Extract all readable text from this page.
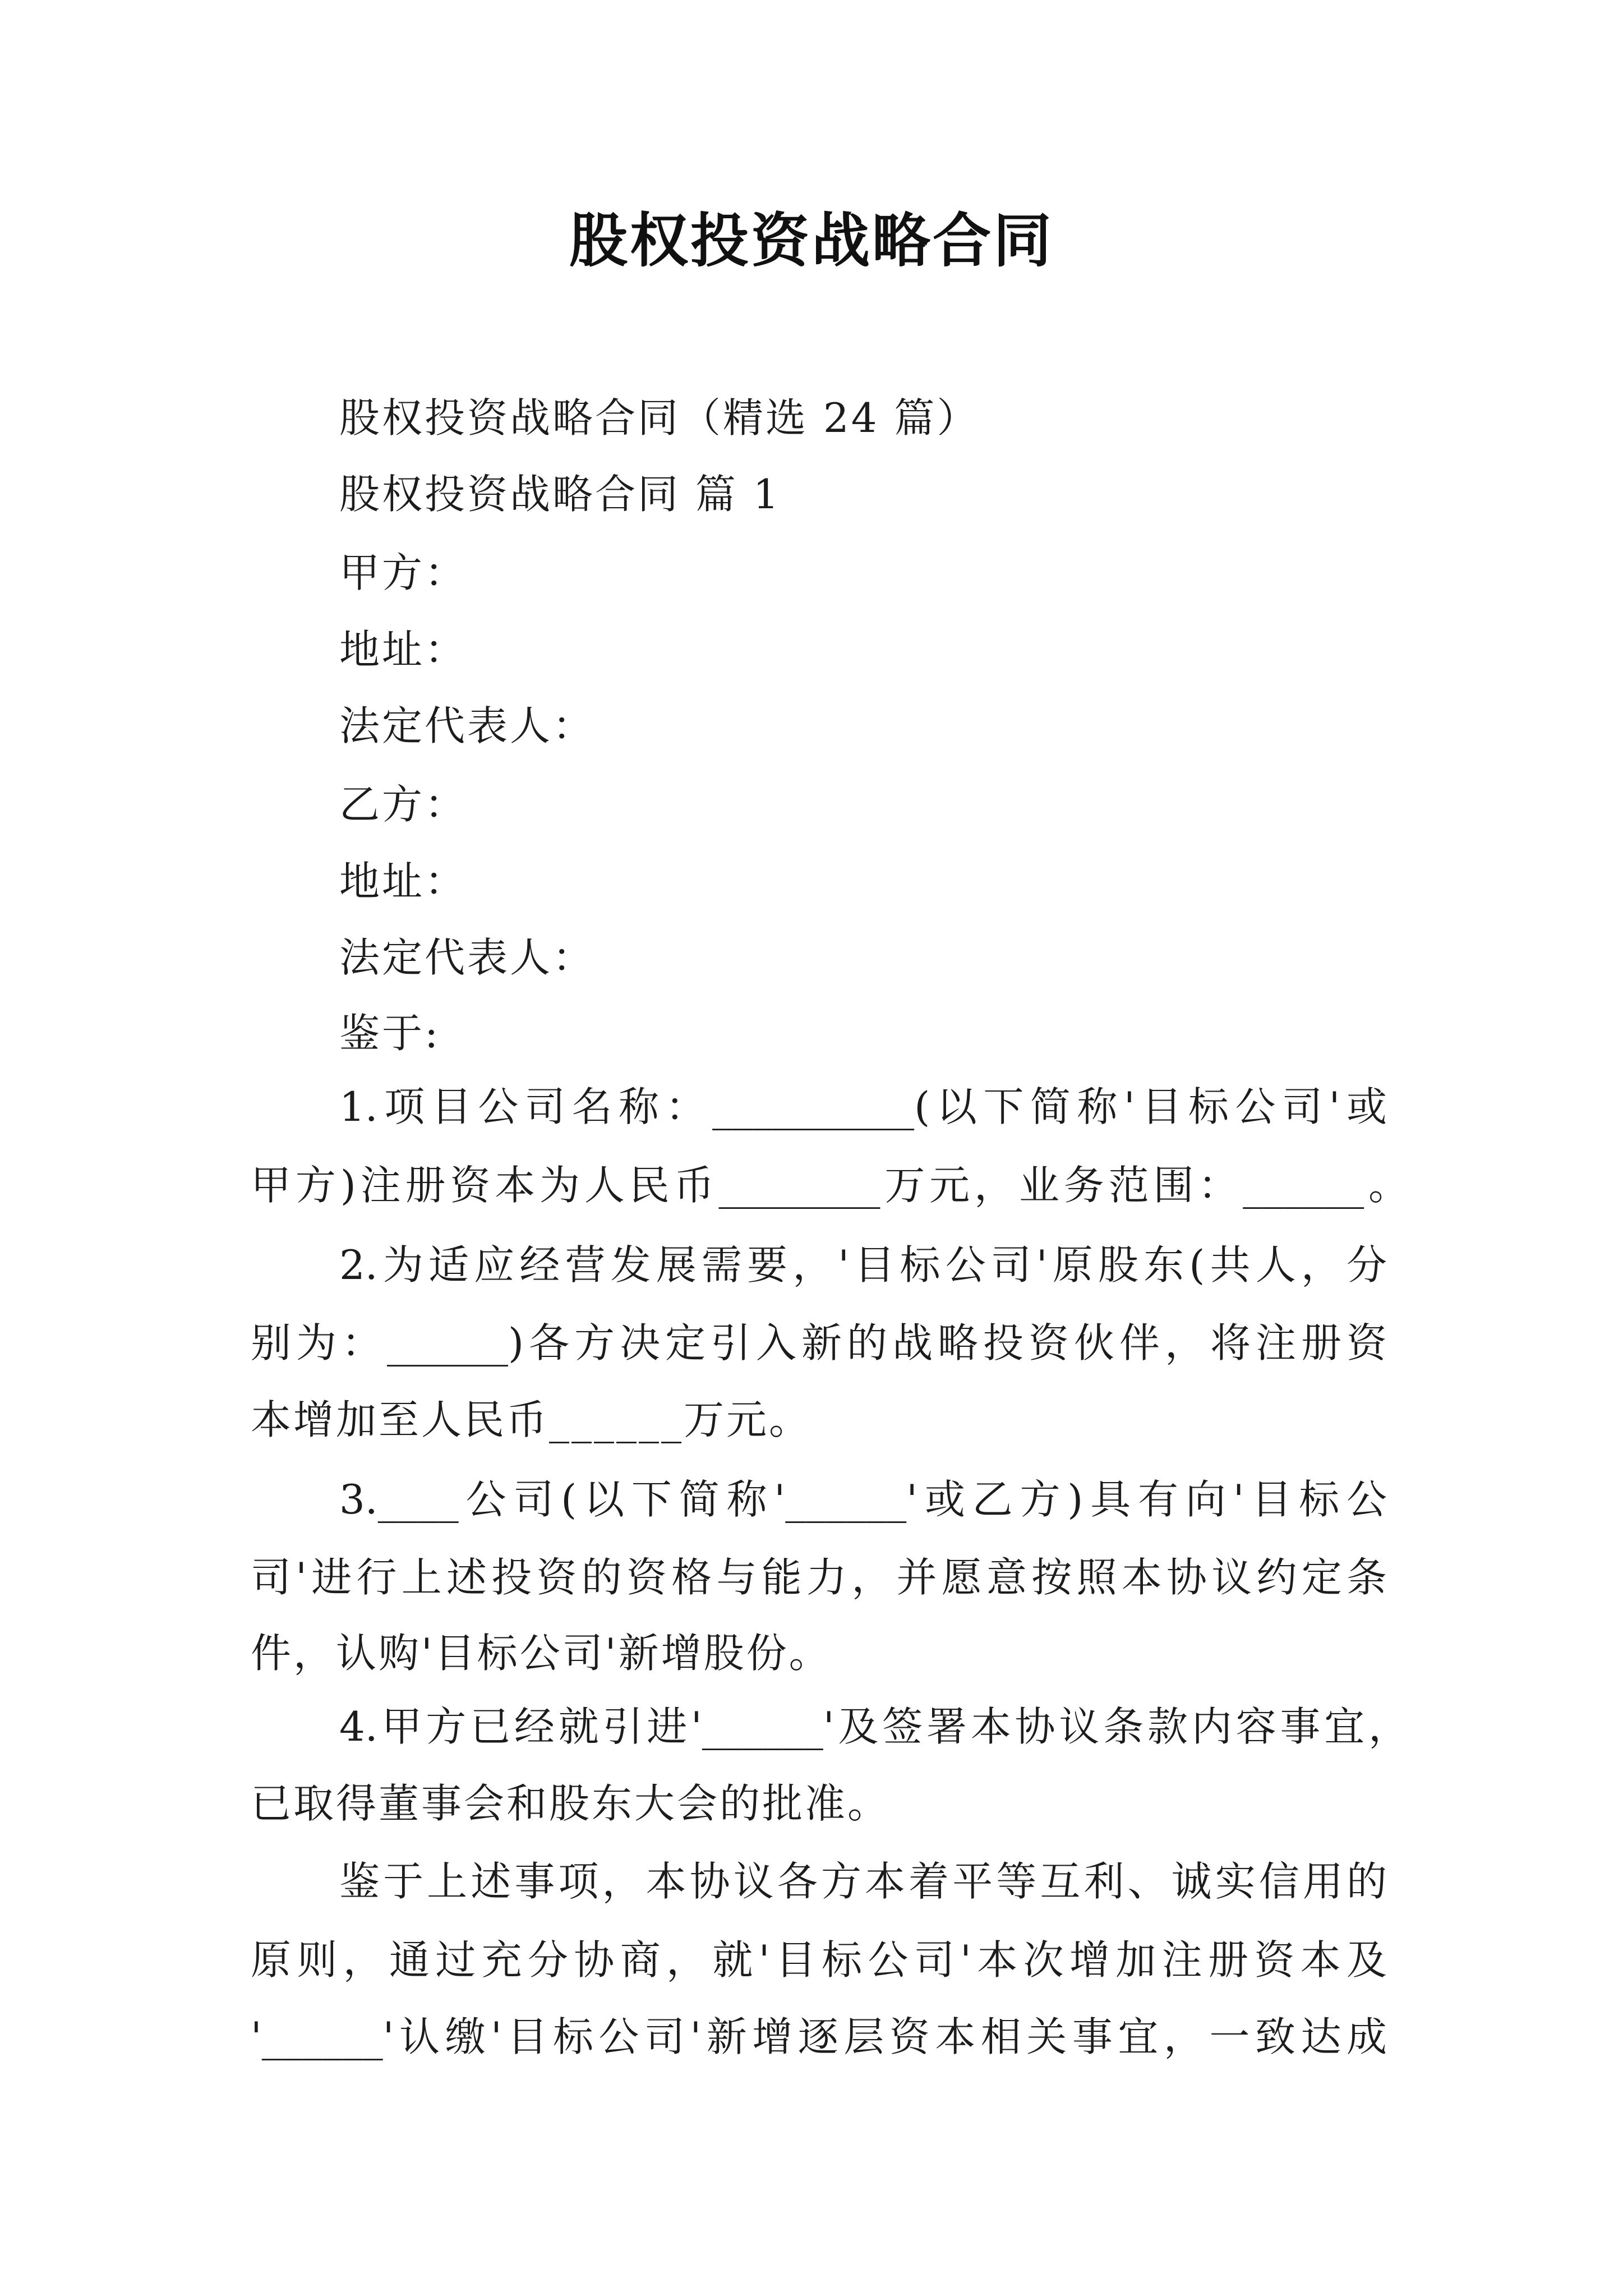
股权投资战略合同
股权投资战略合同（精选 24 篇）
股权投资战略合同 篇 1
甲方：
地址：
法定代表人：
乙方：
地址：
法定代表人：
鉴于:
1.项目公司名称：__________(以下简称'目标公司'或
甲方)注册资本为人民币________万元，业务范围：______。
2.为适应经营发展需要，'目标公司'原股东(共人，分
别为：______)各方决定引入新的战略投资伙伴，将注册资
本增加至人民币______万元。
3.____公司(以下简称'______'或乙方)具有向'目标公
司'进行上述投资的资格与能力，并愿意按照本协议约定条
件，认购'目标公司'新增股份。
4.甲方已经就引进'______'及签署本协议条款内容事宜，
已取得董事会和股东大会的批准。
鉴于上述事项，本协议各方本着平等互利、诚实信用的
原则，通过充分协商，就'目标公司'本次增加注册资本及
'______'认缴'目标公司'新增逐层资本相关事宜，一致达成
